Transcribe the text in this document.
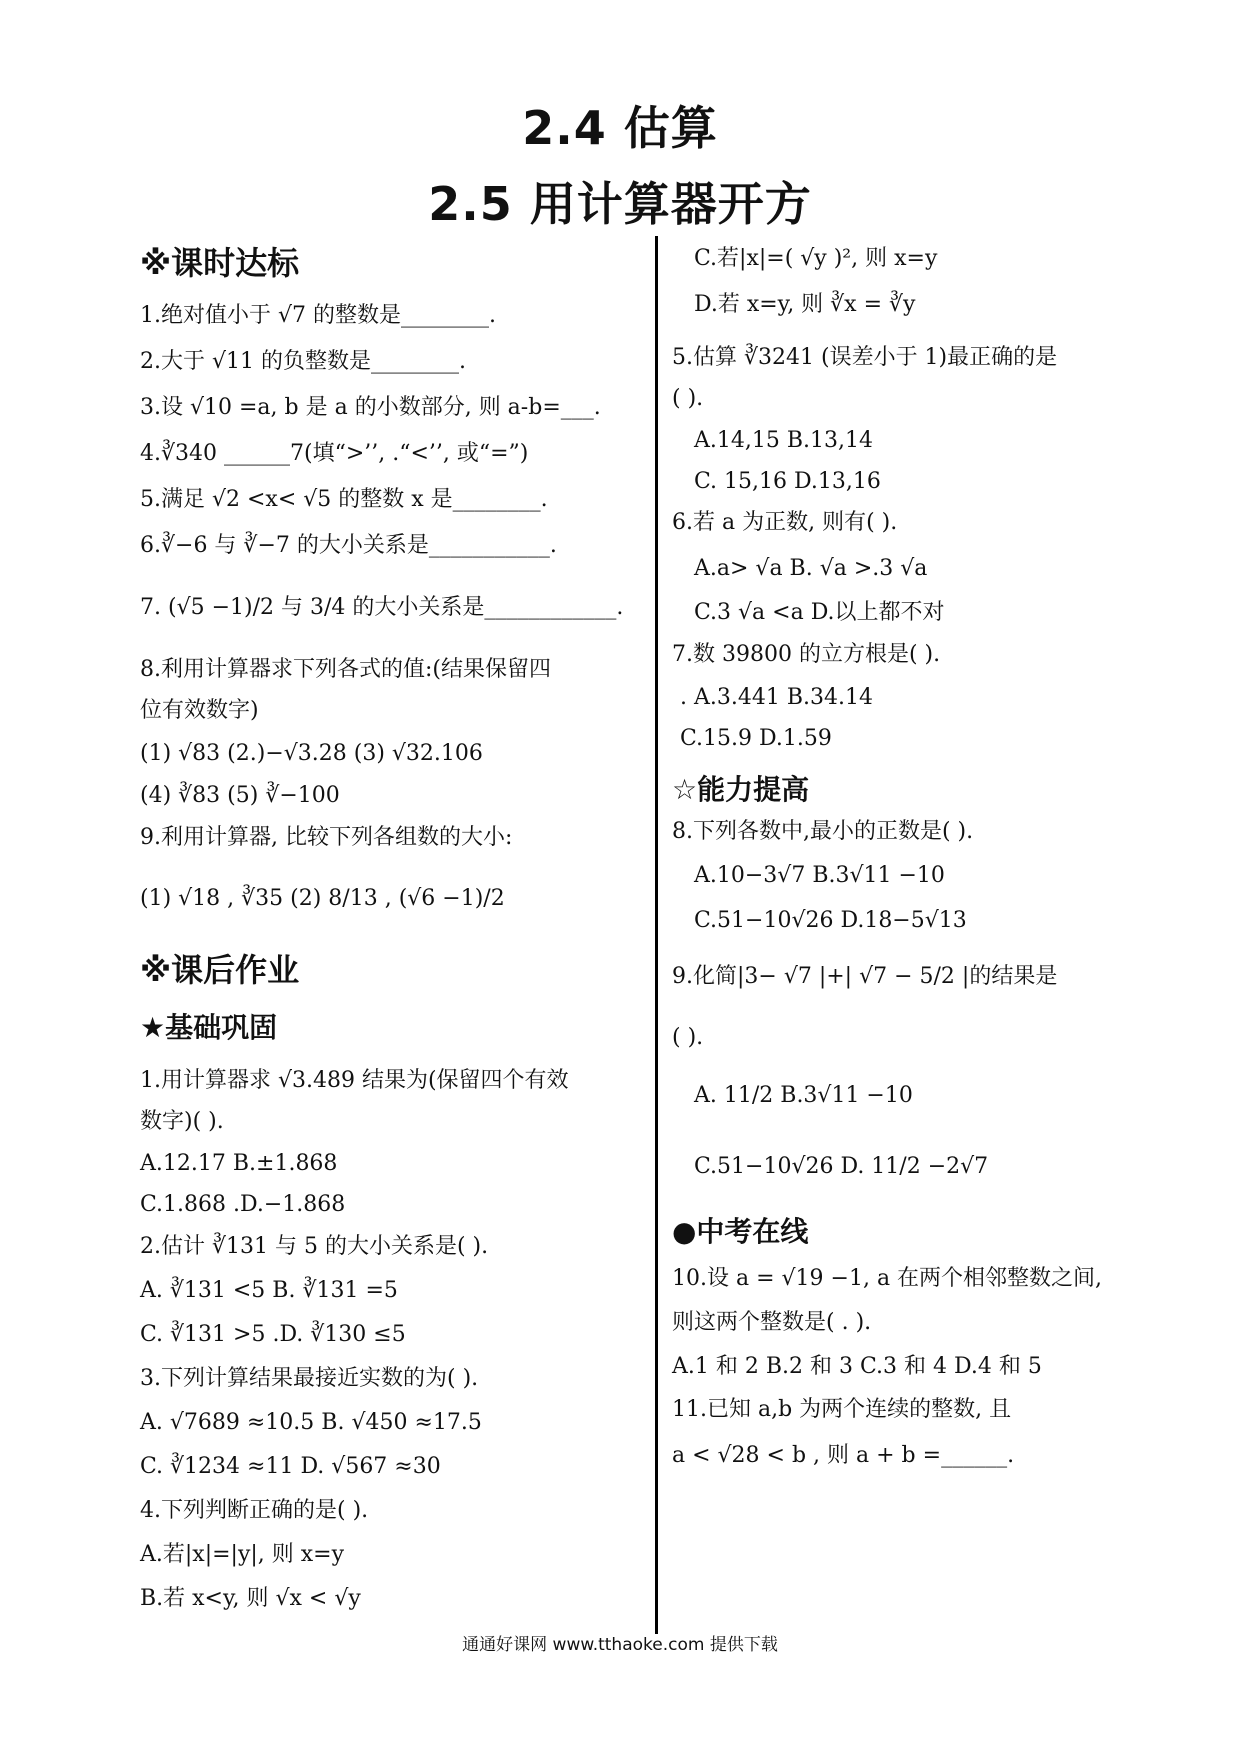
2.4 估算
2.5 用计算器开方
※课时达标
1.绝对值小于 √7 的整数是________.
2.大于 √11 的负整数是________.
3.设 √10 =a, b 是 a 的小数部分, 则 a-b=___.
4.∛340 ______7(填“>’’, .“<’’, 或“=”)
5.满足 √2 <x< √5 的整数 x 是________.
6.∛−6 与 ∛−7 的大小关系是___________.
7. (√5 −1)/2 与 3/4 的大小关系是____________.
8.利用计算器求下列各式的值:(结果保留四
位有效数字)
(1) √83 (2.)−√3.28 (3) √32.106
(4) ∛83 (5) ∛−100
9.利用计算器, 比较下列各组数的大小:
(1) √18 , ∛35 (2) 8/13 , (√6 −1)/2
※课后作业
★基础巩固
1.用计算器求 √3.489 结果为(保留四个有效
数字)( ).
A.12.17 B.±1.868
C.1.868 .D.−1.868
2.估计 ∛131 与 5 的大小关系是( ).
A. ∛131 <5 B. ∛131 =5
C. ∛131 >5 .D. ∛130 ≤5
3.下列计算结果最接近实数的为( ).
A. √7689 ≈10.5 B. √450 ≈17.5
C. ∛1234 ≈11 D. √567 ≈30
4.下列判断正确的是( ).
A.若|x|=|y|, 则 x=y
B.若 x<y, 则 √x < √y
C.若|x|=( √y )², 则 x=y
D.若 x=y, 则 ∛x = ∛y
5.估算 ∛3241 (误差小于 1)最正确的是
( ).
A.14,15 B.13,14
C. 15,16 D.13,16
6.若 a 为正数, 则有( ).
A.a> √a B. √a >.3 √a
C.3 √a <a D.以上都不对
7.数 39800 的立方根是( ).
. A.3.441 B.34.14
C.15.9 D.1.59
☆能力提高
8.下列各数中,最小的正数是( ).
A.10−3√7 B.3√11 −10
C.51−10√26 D.18−5√13
9.化简|3− √7 |+| √7 − 5/2 |的结果是
( ).
A. 11/2 B.3√11 −10
C.51−10√26 D. 11/2 −2√7
●中考在线
10.设 a = √19 −1, a 在两个相邻整数之间,
则这两个整数是( . ).
A.1 和 2 B.2 和 3 C.3 和 4 D.4 和 5
11.已知 a,b 为两个连续的整数, 且
a < √28 < b , 则 a + b =______.
通通好课网 www.tthaoke.com 提供下载
